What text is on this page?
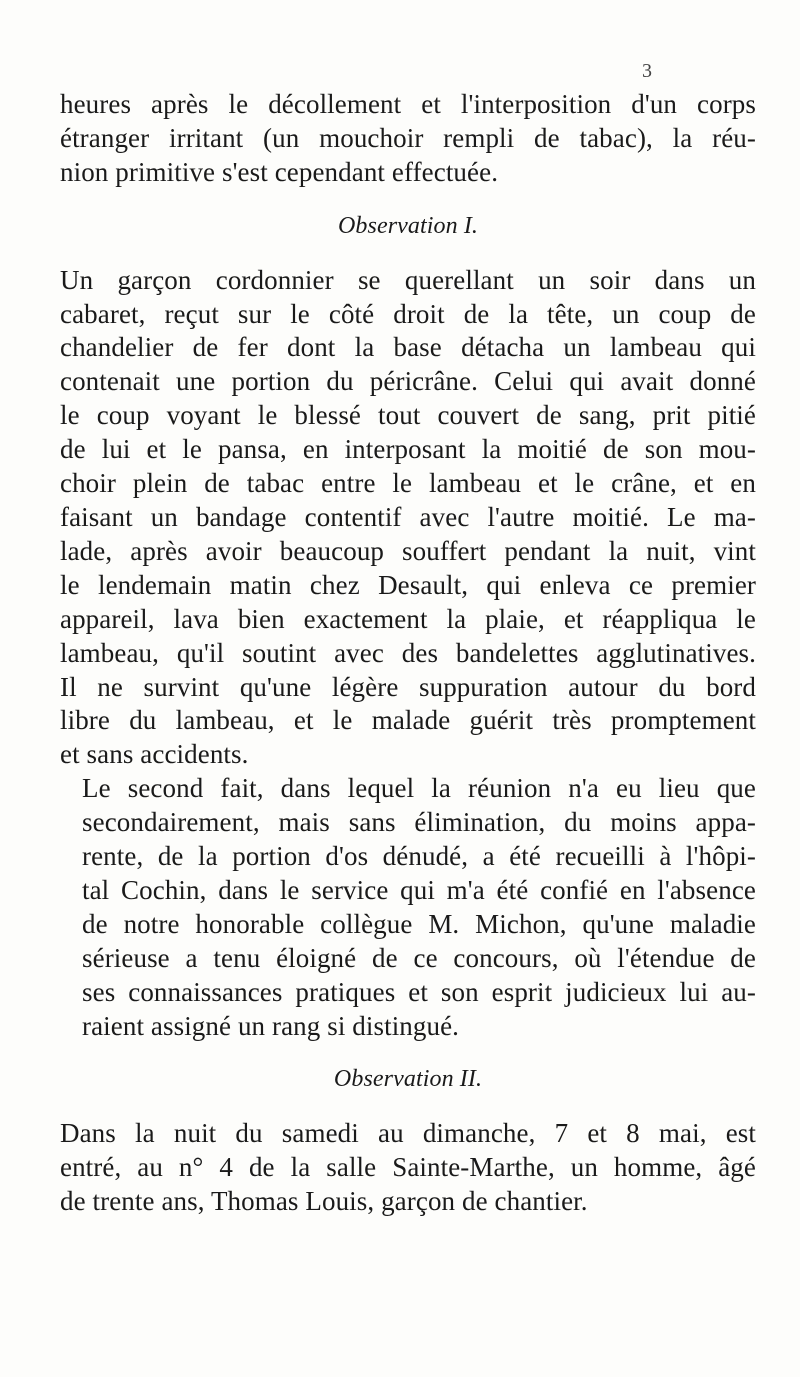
3

heures après le décollement et l'interposition d'un corps
étranger irritant (un mouchoir rempli de tabac), la réu-
nion primitive s'est cependant effectuée.

Observation I.

Un garçon cordonnier se querellant un soir dans un
cabaret, reçut sur le côté droit de la tête, un coup de
chandelier de fer dont la base détacha un lambeau qui
contenait une portion du péricrâne. Celui qui avait donné
le coup voyant le blessé tout couvert de sang, prit pitié
de lui et le pansa, en interposant la moitié de son mou-
choir plein de tabac entre le lambeau et le crâne, et en
faisant un bandage contentif avec l'autre moitié. Le ma-
lade, après avoir beaucoup souffert pendant la nuit, vint
le lendemain matin chez Desault, qui enleva ce premier
appareil, lava bien exactement la plaie, et réappliqua le
lambeau, qu'il soutint avec des bandelettes agglutinatives.
Il ne survint qu'une légère suppuration autour du bord
libre du lambeau, et le malade guérit très promptement
et sans accidents.

Le second fait, dans lequel la réunion n'a eu lieu que
secondairement, mais sans élimination, du moins appa-
rente, de la portion d'os dénudé, a été recueilli à l'hôpi-
tal Cochin, dans le service qui m'a été confié en l'absence
de notre honorable collègue M. Michon, qu'une maladie
sérieuse a tenu éloigné de ce concours, où l'étendue de
ses connaissances pratiques et son esprit judicieux lui au-
raient assigné un rang si distingué.

Observation II.

Dans la nuit du samedi au dimanche, 7 et 8 mai, est
entré, au n° 4 de la salle Sainte-Marthe, un homme, âgé
de trente ans, Thomas Louis, garçon de chantier.
